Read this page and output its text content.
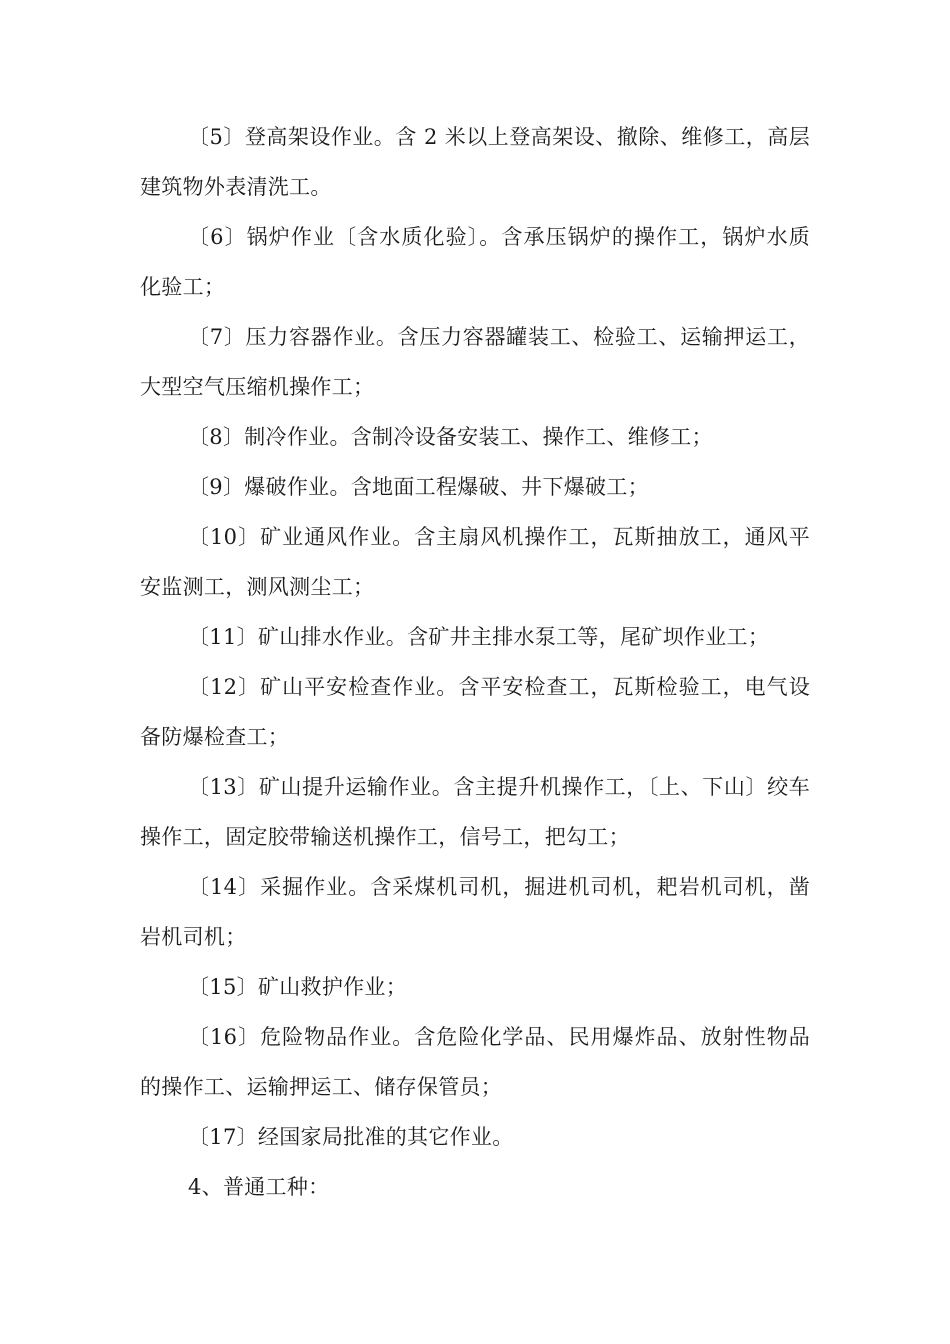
〔5〕登高架设作业。含 2 米以上登高架设、撤除、维修工，高层
建筑物外表清洗工。
〔6〕锅炉作业〔含水质化验〕。含承压锅炉的操作工，锅炉水质
化验工；
〔7〕压力容器作业。含压力容器罐装工、检验工、运输押运工，
大型空气压缩机操作工；
〔8〕制冷作业。含制冷设备安装工、操作工、维修工；
〔9〕爆破作业。含地面工程爆破、井下爆破工；
〔10〕矿业通风作业。含主扇风机操作工，瓦斯抽放工，通风平
安监测工，测风测尘工；
〔11〕矿山排水作业。含矿井主排水泵工等，尾矿坝作业工；
〔12〕矿山平安检查作业。含平安检查工，瓦斯检验工，电气设
备防爆检查工；
〔13〕矿山提升运输作业。含主提升机操作工，〔上、下山〕绞车
操作工，固定胶带输送机操作工，信号工，把勾工；
〔14〕采掘作业。含采煤机司机，掘进机司机，耙岩机司机，凿
岩机司机；
〔15〕矿山救护作业；
〔16〕危险物品作业。含危险化学品、民用爆炸品、放射性物品
的操作工、运输押运工、储存保管员；
〔17〕经国家局批准的其它作业。
4、普通工种：
